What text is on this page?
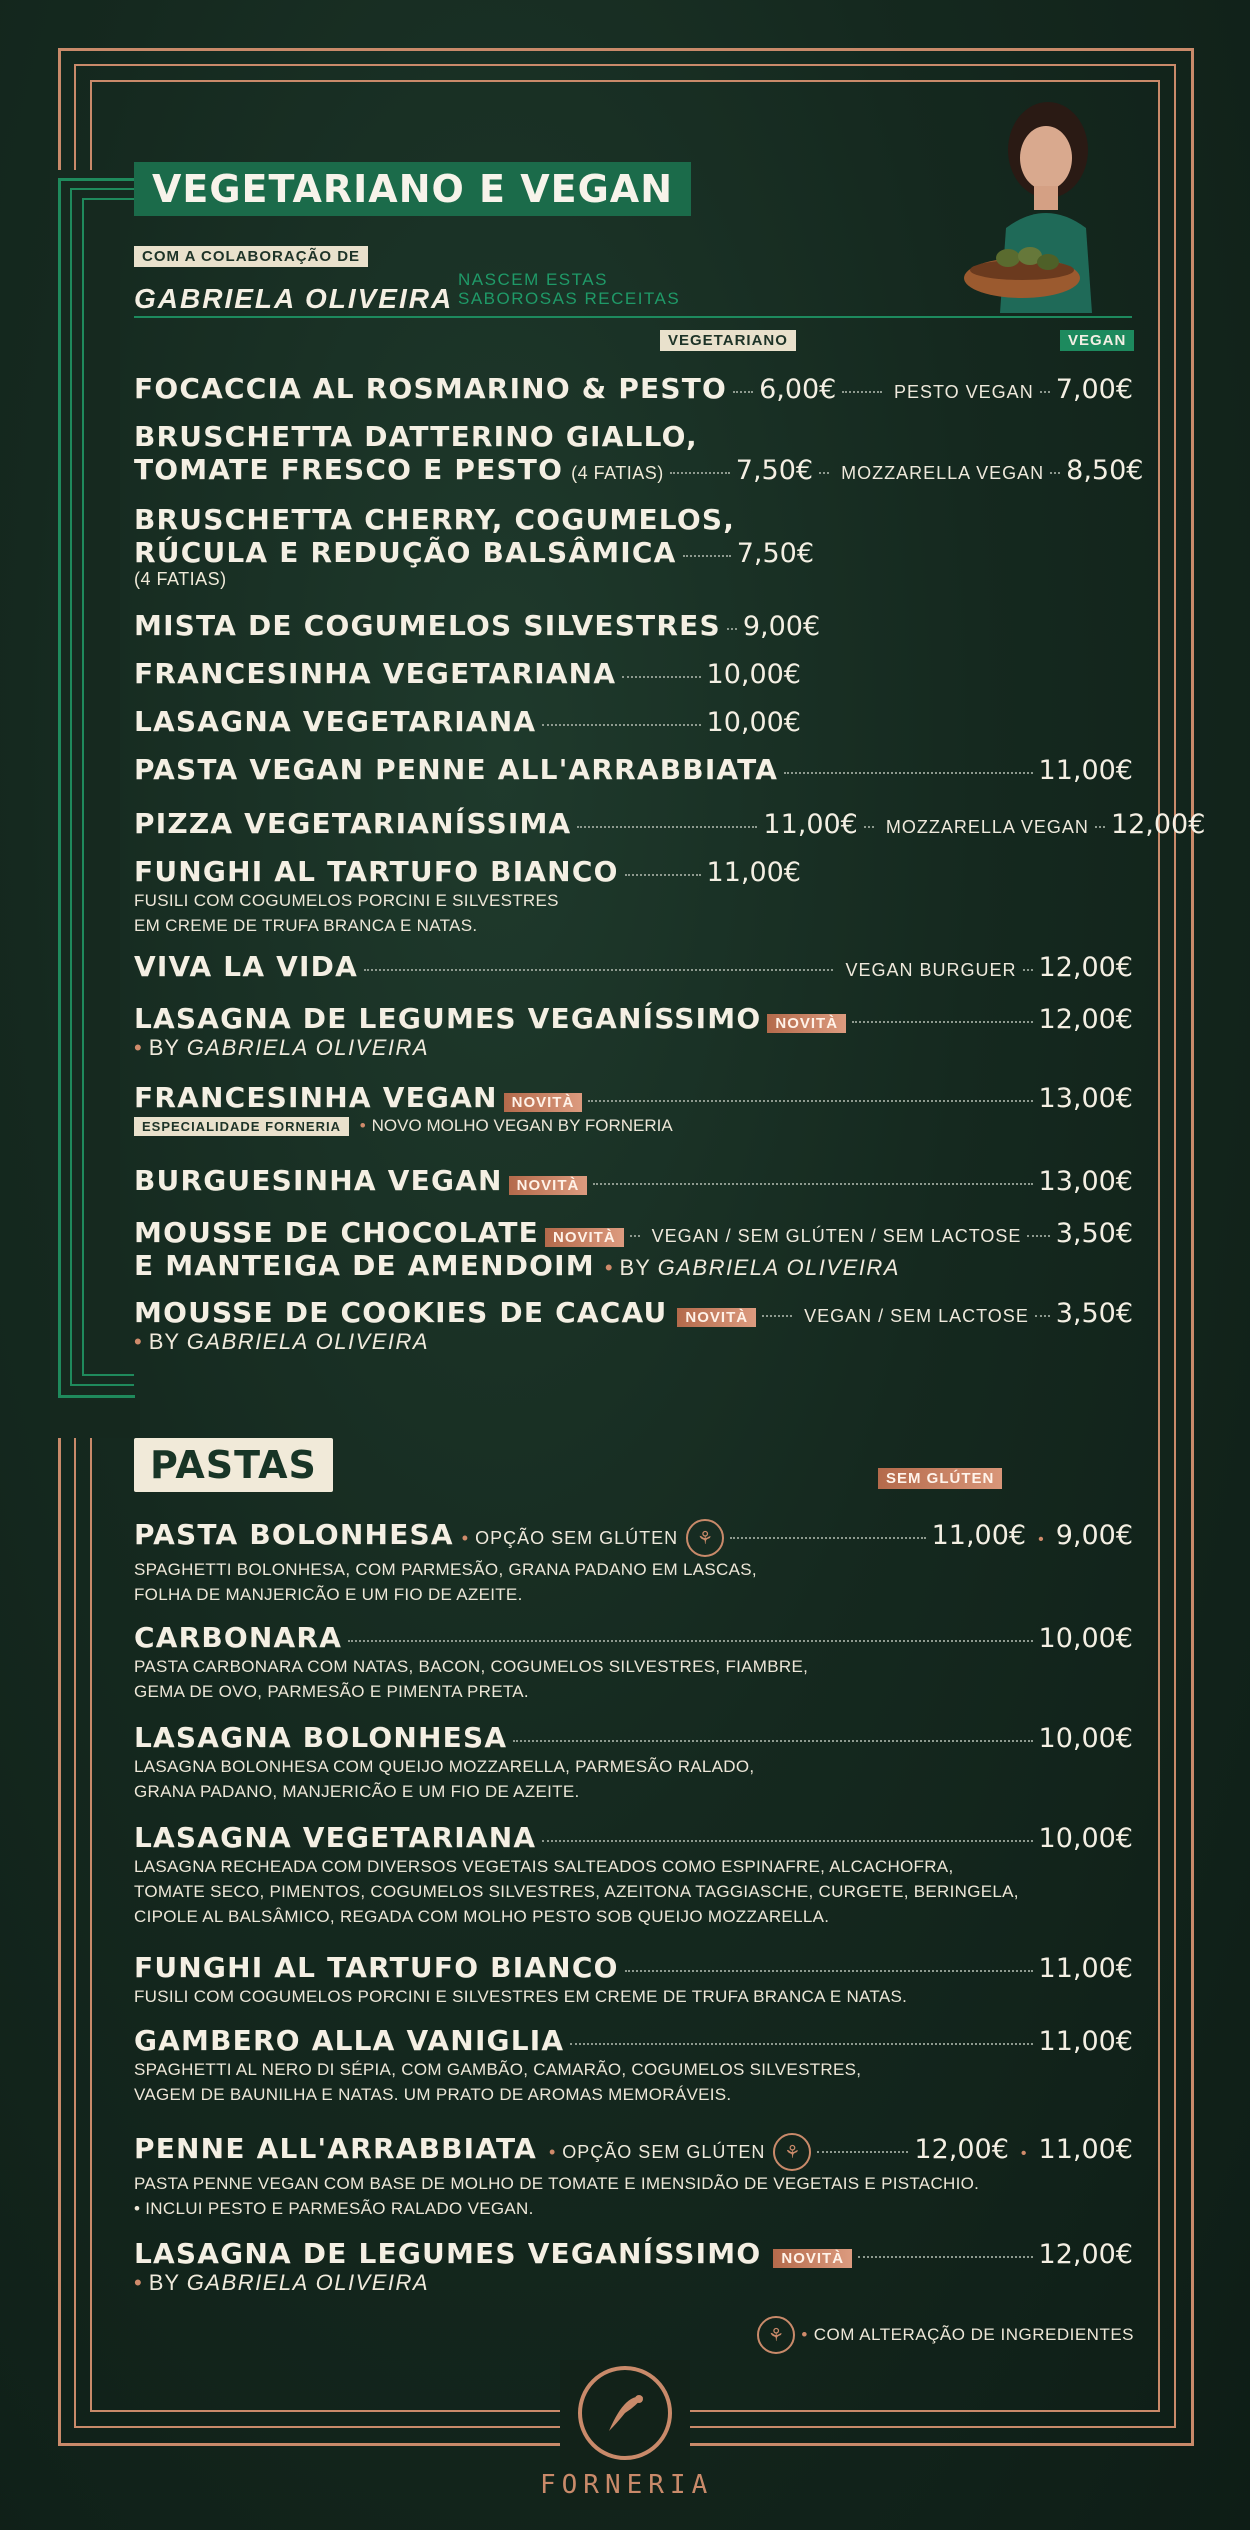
VEGETARIANO E VEGAN
COM A COLABORAÇÃO DE
GABRIELA OLIVEIRA
NASCEM ESTAS
SABOROSAS RECEITAS
VEGETARIANO	VEGAN
FOCACCIA AL ROSMARINO & PESTO 6,00€	PESTO VEGAN 7,00€
BRUSCHETTA DATTERINO GIALLO,
TOMATE FRESCO E PESTO (4 FATIAS)	7,50€ MOZZARELLA VEGAN 8,50€
BRUSCHETTA CHERRY, COGUMELOS,
RÚCULA E REDUÇÃO BALSÂMICA 7,50€
(4 FATIAS)
MISTA DE COGUMELOS SILVESTRES 9,00€
FRANCESINHA VEGETARIANA	10,00€
LASAGNA VEGETARIANA	10,00€
PASTA VEGAN PENNE ALL'ARRABBIATA	11,00€
PIZZA VEGETARIANÍSSIMA	11,00€ MOZZARELLA VEGAN 12,00€
FUNGHI AL TARTUFO BIANCO	11,00€
FUSILI COM COGUMELOS PORCINI E SILVESTRES
EM CREME DE TRUFA BRANCA E NATAS.
VIVA LA VIDA	VEGAN BURGUER 12,00€
LASAGNA DE LEGUMES VEGANÍSSIMO NOVITÀ	12,00€
• BY GABRIELA OLIVEIRA
FRANCESINHA VEGAN NOVITÀ	13,00€
ESPECIALIDADE FORNERIA • NOVO MOLHO VEGAN BY FORNERIA
BURGUESINHA VEGAN NOVITÀ	13,00€
MOUSSE DE CHOCOLATE NOVITÀ	VEGAN / SEM GLÚTEN / SEM LACTOSE 3,50€
E MANTEIGA DE AMENDOIM • BY GABRIELA OLIVEIRA
MOUSSE DE COOKIES DE CACAU	NOVITÀ	VEGAN / SEM LACTOSE 3,50€
• BY GABRIELA OLIVEIRA
PASTAS	SEM GLÚTEN
PASTA BOLONHESA • OPÇÃO SEM GLÚTEN	⚘	11,00€ • 9,00€
SPAGHETTI BOLONHESA, COM PARMESÃO, GRANA PADANO EM LASCAS,
FOLHA DE MANJERICÃO E UM FIO DE AZEITE.
CARBONARA	10,00€
PASTA CARBONARA COM NATAS, BACON, COGUMELOS SILVESTRES, FIAMBRE,
GEMA DE OVO, PARMESÃO E PIMENTA PRETA.
LASAGNA BOLONHESA	10,00€
LASAGNA BOLONHESA COM QUEIJO MOZZARELLA, PARMESÃO RALADO,
GRANA PADANO, MANJERICÃO E UM FIO DE AZEITE.
LASAGNA VEGETARIANA	10,00€
LASAGNA RECHEADA COM DIVERSOS VEGETAIS SALTEADOS COMO ESPINAFRE, ALCACHOFRA,
TOMATE SECO, PIMENTOS, COGUMELOS SILVESTRES, AZEITONA TAGGIASCHE, CURGETE, BERINGELA,
CIPOLE AL BALSÂMICO, REGADA COM MOLHO PESTO SOB QUEIJO MOZZARELLA.
FUNGHI AL TARTUFO BIANCO	11,00€
FUSILI COM COGUMELOS PORCINI E SILVESTRES EM CREME DE TRUFA BRANCA E NATAS.
GAMBERO ALLA VANIGLIA	11,00€
SPAGHETTI AL NERO DI SÉPIA, COM GAMBÃO, CAMARÃO, COGUMELOS SILVESTRES,
VAGEM DE BAUNILHA E NATAS. UM PRATO DE AROMAS MEMORÁVEIS.
PENNE ALL'ARRABBIATA • OPÇÃO SEM GLÚTEN	⚘	12,00€ • 11,00€
PASTA PENNE VEGAN COM BASE DE MOLHO DE TOMATE E IMENSIDÃO DE VEGETAIS E PISTACHIO.
• INCLUI PESTO E PARMESÃO RALADO VEGAN.
LASAGNA DE LEGUMES VEGANÍSSIMO	NOVITÀ	12,00€
• BY GABRIELA OLIVEIRA
⚘ • COM ALTERAÇÃO DE INGREDIENTES
FORNERIA
